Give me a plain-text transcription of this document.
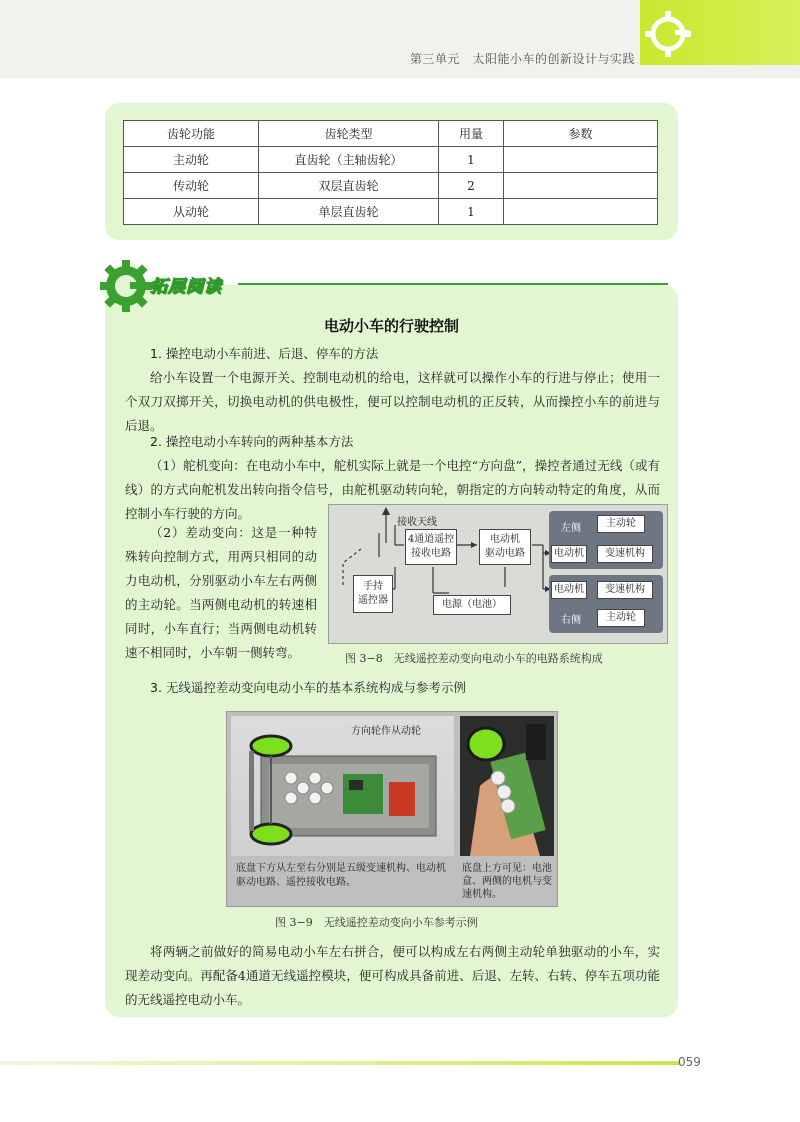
第三单元　太阳能小车的创新设计与实践
齿轮功能	齿轮类型	用量	参数
主动轮	直齿轮（主轴齿轮）	1	
传动轮	双层直齿轮	2	
从动轮	单层直齿轮	1	
拓展阅读
电动小车的行驶控制
1. 操控电动小车前进、后退、停车的方法
给小车设置一个电源开关、控制电动机的给电，这样就可以操作小车的行进与停止；使用一个双刀双掷开关，切换电动机的供电极性，便可以控制电动机的正反转，从而操控小车的前进与后退。
2. 操控电动小车转向的两种基本方法
（1）舵机变向：在电动小车中，舵机实际上就是一个电控“方向盘”，操控者通过无线（或有线）的方式向舵机发出转向指令信号，由舵机驱动转向轮，朝指定的方向转动特定的角度，从而控制小车行驶的方向。
（2）差动变向：这是一种特殊转向控制方式，用两只相同的动力电动机，分别驱动小车左右两侧的主动轮。当两侧电动机的转速相同时，小车直行；当两侧电动机转速不相同时，小车朝一侧转弯。
接收天线
手持
遥控器
4通道遥控
接收电路
电动机
驱动电路
电源（电池）
左侧	主动轮
电动机	变速机构
电动机	变速机构
右侧	主动轮
图 3−8　无线遥控差动变向电动小车的电路系统构成
3. 无线遥控差动变向电动小车的基本系统构成与参考示例
方向轮作从动轮
底盘下方从左至右分别是五级变速机构、电动机驱动电路、遥控接收电路。
底盘上方可见：电池盒、两侧的电机与变速机构。
图 3−9　无线遥控差动变向小车参考示例
将两辆之前做好的简易电动小车左右拼合，便可以构成左右两侧主动轮单独驱动的小车，实现差动变向。再配备4通道无线遥控模块，便可构成具备前进、后退、左转、右转、停车五项功能的无线遥控电动小车。
059
